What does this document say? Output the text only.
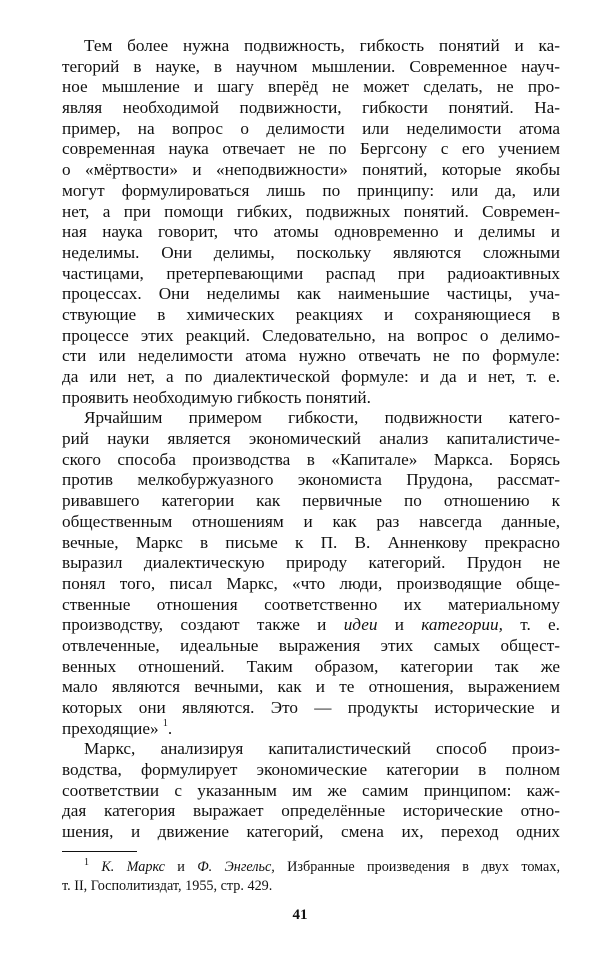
Тем более нужна подвижность, гибкость понятий и ка-
тегорий в науке, в научном мышлении. Современное науч-
ное мышление и шагу вперёд не может сделать, не про-
являя необходимой подвижности, гибкости понятий. На-
пример, на вопрос о делимости или неделимости атома
современная наука отвечает не по Бергсону с его учением
о «мёртвости» и «неподвижности» понятий, которые якобы
могут формулироваться лишь по принципу: или да, или
нет, а при помощи гибких, подвижных понятий. Современ-
ная наука говорит, что атомы одновременно и делимы и
неделимы. Они делимы, поскольку являются сложными
частицами, претерпевающими распад при радиоактивных
процессах. Они неделимы как наименьшие частицы, уча-
ствующие в химических реакциях и сохраняющиеся в
процессе этих реакций. Следовательно, на вопрос о делимо-
сти или неделимости атома нужно отвечать не по формуле:
да или нет, а по диалектической формуле: и да и нет, т. е.
проявить необходимую гибкость понятий.
Ярчайшим примером гибкости, подвижности катего-
рий науки является экономический анализ капиталистиче-
ского способа производства в «Капитале» Маркса. Борясь
против мелкобуржуазного экономиста Прудона, рассмат-
ривавшего категории как первичные по отношению к
общественным отношениям и как раз навсегда данные,
вечные, Маркс в письме к П. В. Анненкову прекрасно
выразил диалектическую природу категорий. Прудон не
понял того, писал Маркс, «что люди, производящие обще-
ственные отношения соответственно их материальному
производству, создают также и идеи и категории, т. е.
отвлеченные, идеальные выражения этих самых общест-
венных отношений. Таким образом, категории так же
мало являются вечными, как и те отношения, выражением
которых они являются. Это — продукты исторические и
преходящие» $^1$.
Маркс, анализируя капиталистический способ произ-
водства, формулирует экономические категории в полном
соответствии с указанным им же самим принципом: каж-
дая категория выражает определённые исторические отно-
шения, и движение категорий, смена их, переход одних
$^1$ К. Маркс и Ф. Энгельс, Избранные произведения в двух томах,
т. II, Госполитиздат, 1955, стр. 429.
41
